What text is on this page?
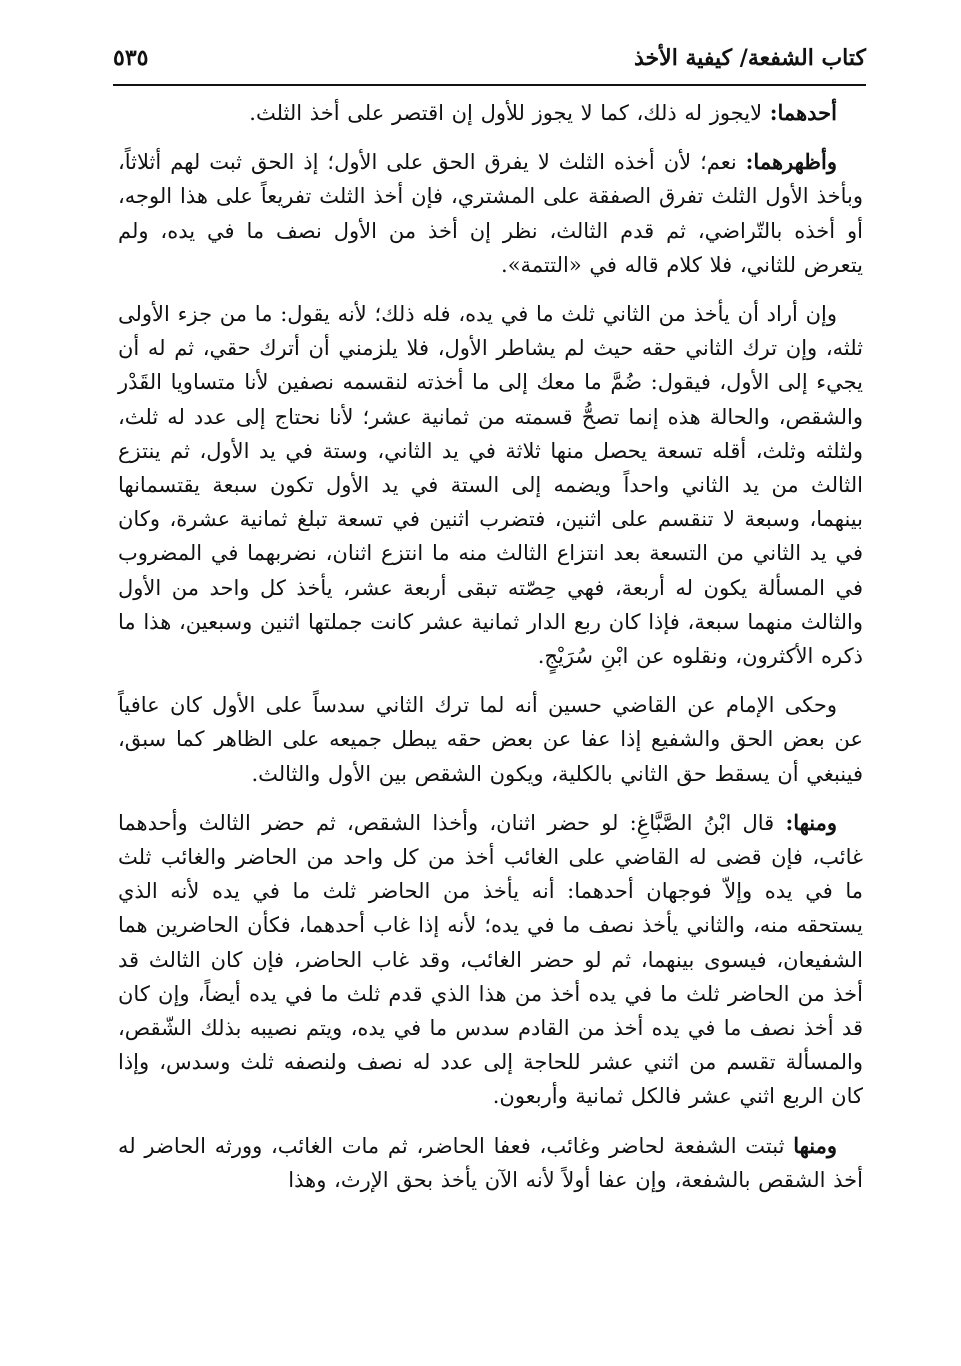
كتاب الشفعة/ كيفية الأخذ
٥٣٥

أحدهما: لايجوز له ذلك، كما لا يجوز للأول إن اقتصر على أخذ الثلث.

وأظهرهما: نعم؛ لأن أخذه الثلث لا يفرق الحق على الأول؛ إذ الحق ثبت لهم أثلاثاً، وبأخذ الأول الثلث تفرق الصفقة على المشتري، فإن أخذ الثلث تفريعاً على هذا الوجه، أو أخذه بالتّراضي، ثم قدم الثالث، نظر إن أخذ من الأول نصف ما في يده، ولم يتعرض للثاني، فلا كلام قاله في «التتمة».

وإن أراد أن يأخذ من الثاني ثلث ما في يده، فله ذلك؛ لأنه يقول: ما من جزء الأولى ثلثه، وإن ترك الثاني حقه حيث لم يشاطر الأول، فلا يلزمني أن أترك حقي، ثم له أن يجيء إلى الأول، فيقول: ضُمَّ ما معك إلى ما أخذته لنقسمه نصفين لأنا متساويا القَدْر والشقص، والحالة هذه إنما تصحُّ قسمته من ثمانية عشر؛ لأنا نحتاج إلى عدد له ثلث، ولثلثه وثلث، أقله تسعة يحصل منها ثلاثة في يد الثاني، وستة في يد الأول، ثم ينتزع الثالث من يد الثاني واحداً ويضمه إلى الستة في يد الأول تكون سبعة يقتسمانها بينهما، وسبعة لا تنقسم على اثنين، فتضرب اثنين في تسعة تبلغ ثمانية عشرة، وكان في يد الثاني من التسعة بعد انتزاع الثالث منه ما انتزع اثنان، نضربهما في المضروب في المسألة يكون له أربعة، فهي حِصّته تبقى أربعة عشر، يأخذ كل واحد من الأول والثالث منهما سبعة، فإذا كان ربع الدار ثمانية عشر كانت جملتها اثنين وسبعين، هذا ما ذكره الأكثرون، ونقلوه عن ابْنِ سُرَيْجٍ.

وحكى الإمام عن القاضي حسين أنه لما ترك الثاني سدساً على الأول كان عافياً عن بعض الحق والشفيع إذا عفا عن بعض حقه يبطل جميعه على الظاهر كما سبق، فينبغي أن يسقط حق الثاني بالكلية، ويكون الشقص بين الأول والثالث.

ومنها: قال ابْنُ الصَّبَّاغِ: لو حضر اثنان، وأخذا الشقص، ثم حضر الثالث وأحدهما غائب، فإن قضى له القاضي على الغائب أخذ من كل واحد من الحاضر والغائب ثلث ما في يده وإلاّ فوجهان أحدهما: أنه يأخذ من الحاضر ثلث ما في يده لأنه الذي يستحقه منه، والثاني يأخذ نصف ما في يده؛ لأنه إذا غاب أحدهما، فكأن الحاضرين هما الشفيعان، فيسوى بينهما، ثم لو حضر الغائب، وقد غاب الحاضر، فإن كان الثالث قد أخذ من الحاضر ثلث ما في يده أخذ من هذا الذي قدم ثلث ما في يده أيضاً، وإن كان قد أخذ نصف ما في يده أخذ من القادم سدس ما في يده، ويتم نصيبه بذلك الشّقص، والمسألة تقسم من اثني عشر للحاجة إلى عدد له نصف ولنصفه ثلث وسدس، وإذا كان الربع اثني عشر فالكل ثمانية وأربعون.

ومنها ثبتت الشفعة لحاضر وغائب، فعفا الحاضر، ثم مات الغائب، وورثه الحاضر له أخذ الشقص بالشفعة، وإن عفا أولاً لأنه الآن يأخذ بحق الإرث، وهذا
